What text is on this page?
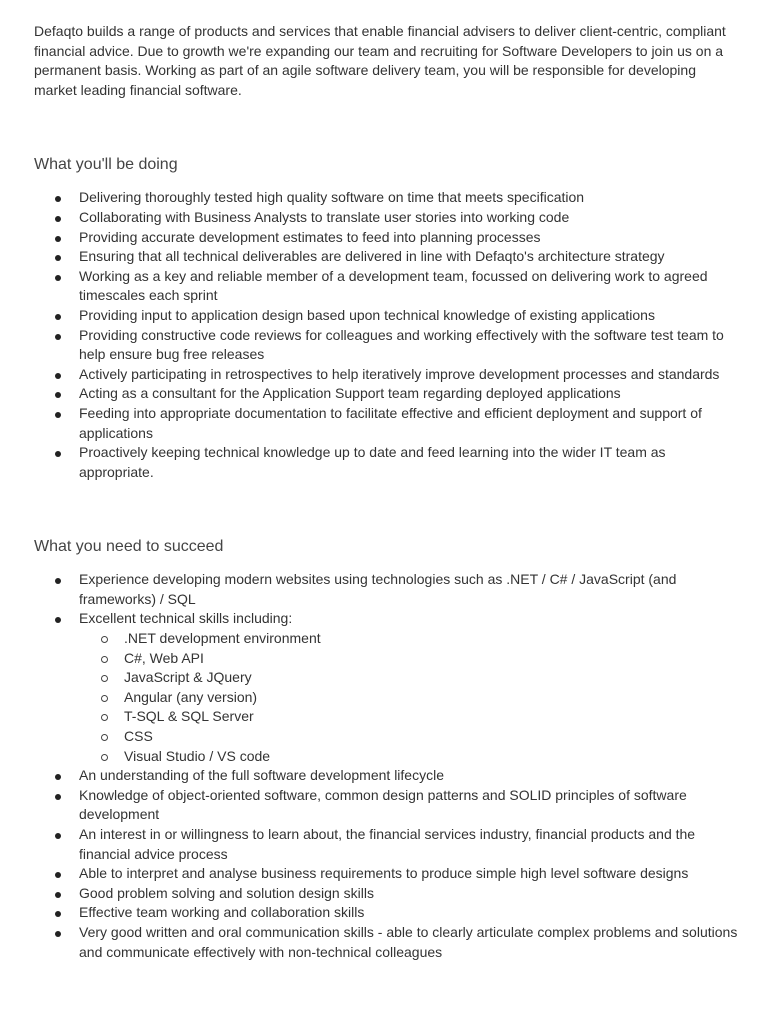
Defaqto builds a range of products and services that enable financial advisers to deliver client-centric, compliant financial advice. Due to growth we're expanding our team and recruiting for Software Developers to join us on a permanent basis. Working as part of an agile software delivery team, you will be responsible for developing market leading financial software.

What you'll be doing
Delivering thoroughly tested high quality software on time that meets specification
Collaborating with Business Analysts to translate user stories into working code
Providing accurate development estimates to feed into planning processes
Ensuring that all technical deliverables are delivered in line with Defaqto's architecture strategy
Working as a key and reliable member of a development team, focussed on delivering work to agreed timescales each sprint
Providing input to application design based upon technical knowledge of existing applications
Providing constructive code reviews for colleagues and working effectively with the software test team to help ensure bug free releases
Actively participating in retrospectives to help iteratively improve development processes and standards
Acting as a consultant for the Application Support team regarding deployed applications
Feeding into appropriate documentation to facilitate effective and efficient deployment and support of applications
Proactively keeping technical knowledge up to date and feed learning into the wider IT team as appropriate.
What you need to succeed
Experience developing modern websites using technologies such as .NET / C# / JavaScript (and frameworks) / SQL
Excellent technical skills including:
.NET development environment
C#, Web API
JavaScript & JQuery
Angular (any version)
T-SQL & SQL Server
CSS
Visual Studio / VS code
An understanding of the full software development lifecycle
Knowledge of object-oriented software, common design patterns and SOLID principles of software development
An interest in or willingness to learn about, the financial services industry, financial products and the financial advice process
Able to interpret and analyse business requirements to produce simple high level software designs
Good problem solving and solution design skills
Effective team working and collaboration skills
Very good written and oral communication skills - able to clearly articulate complex problems and solutions and communicate effectively with non-technical colleagues
